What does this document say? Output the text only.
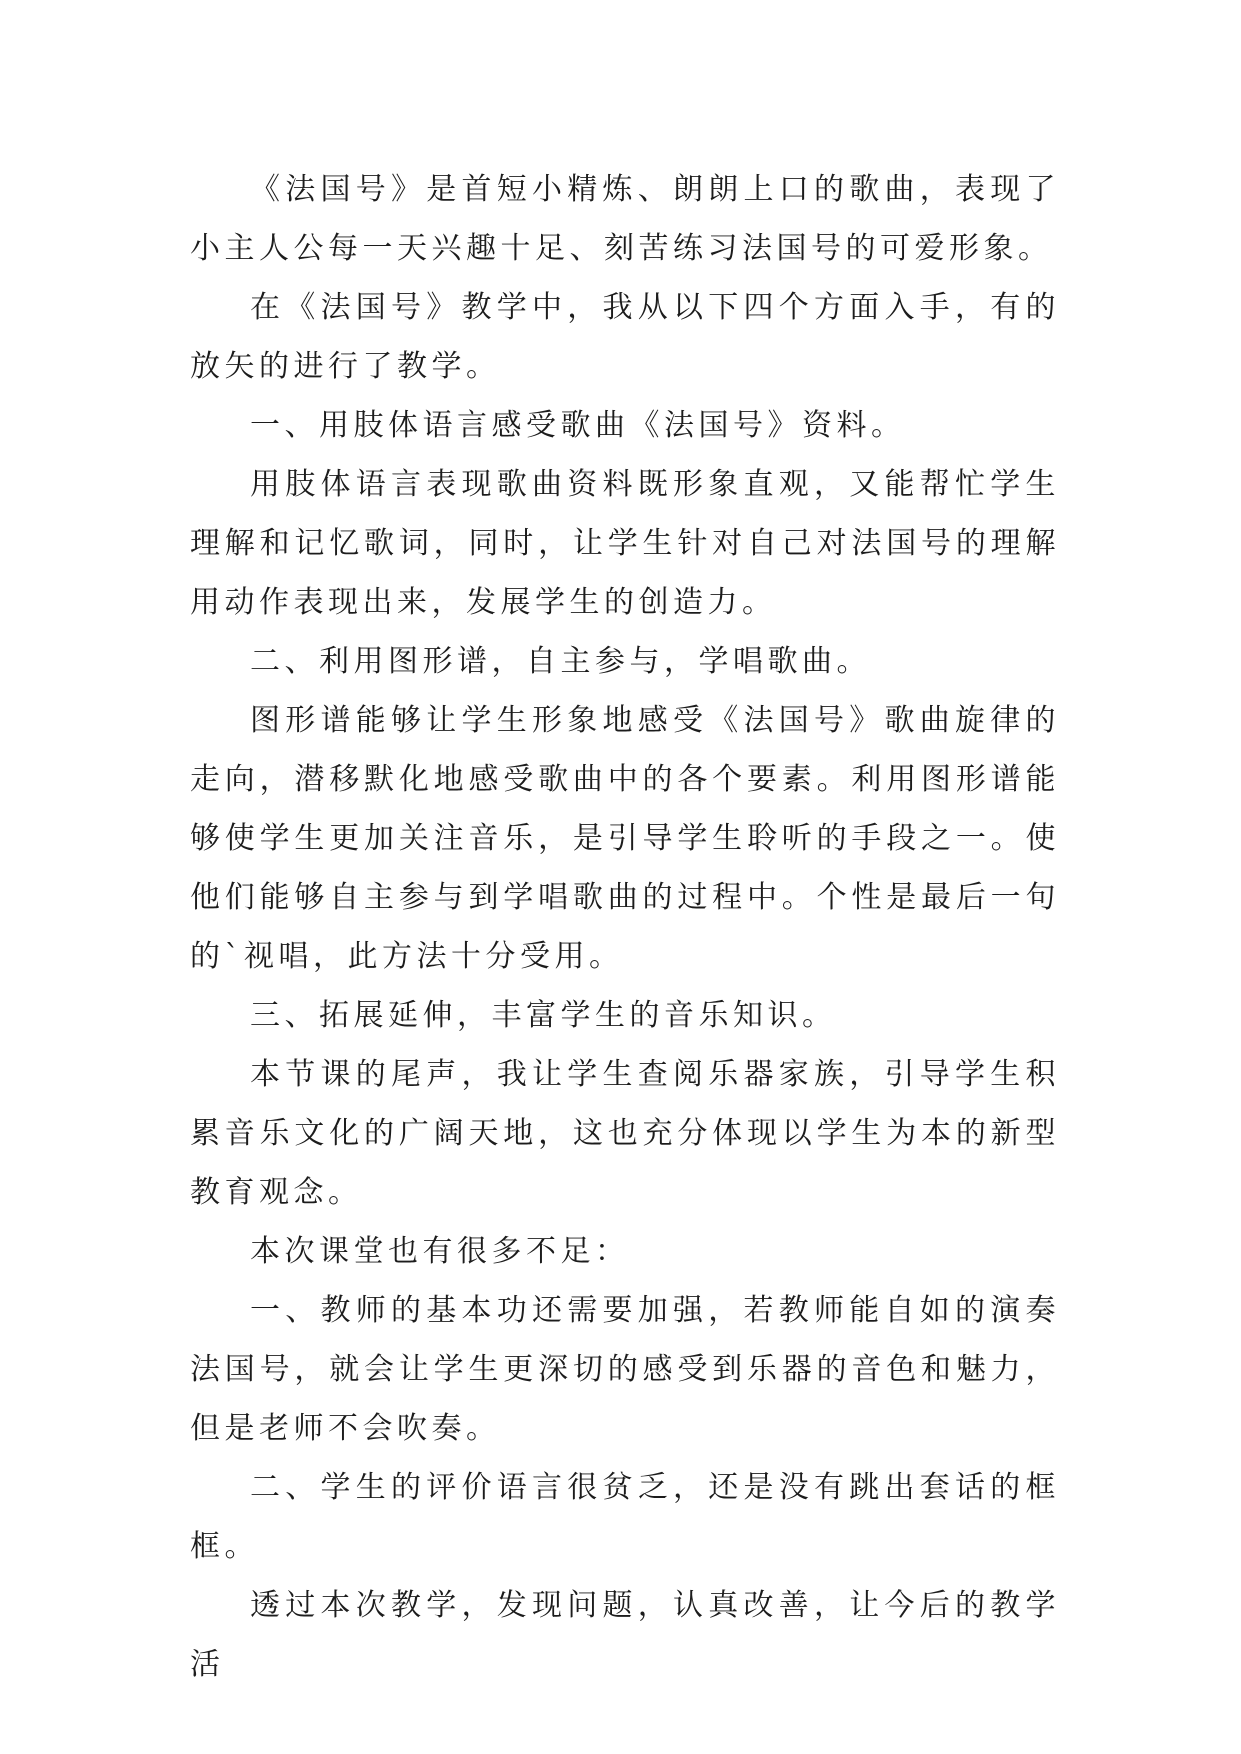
《法国号》是首短小精炼、朗朗上口的歌曲，表现了小主人公每一天兴趣十足、刻苦练习法国号的可爱形象。

在《法国号》教学中，我从以下四个方面入手，有的放矢的进行了教学。

一、用肢体语言感受歌曲《法国号》资料。

用肢体语言表现歌曲资料既形象直观，又能帮忙学生理解和记忆歌词，同时，让学生针对自己对法国号的理解用动作表现出来，发展学生的创造力。

二、利用图形谱，自主参与，学唱歌曲。

图形谱能够让学生形象地感受《法国号》歌曲旋律的走向，潜移默化地感受歌曲中的各个要素。利用图形谱能够使学生更加关注音乐，是引导学生聆听的手段之一。使他们能够自主参与到学唱歌曲的过程中。个性是最后一句的`视唱，此方法十分受用。

三、拓展延伸，丰富学生的音乐知识。

本节课的尾声，我让学生查阅乐器家族，引导学生积累音乐文化的广阔天地，这也充分体现以学生为本的新型教育观念。

本次课堂也有很多不足：

一、教师的基本功还需要加强，若教师能自如的演奏法国号，就会让学生更深切的感受到乐器的音色和魅力，但是老师不会吹奏。

二、学生的评价语言很贫乏，还是没有跳出套话的框框。

透过本次教学，发现问题，认真改善，让今后的教学活
